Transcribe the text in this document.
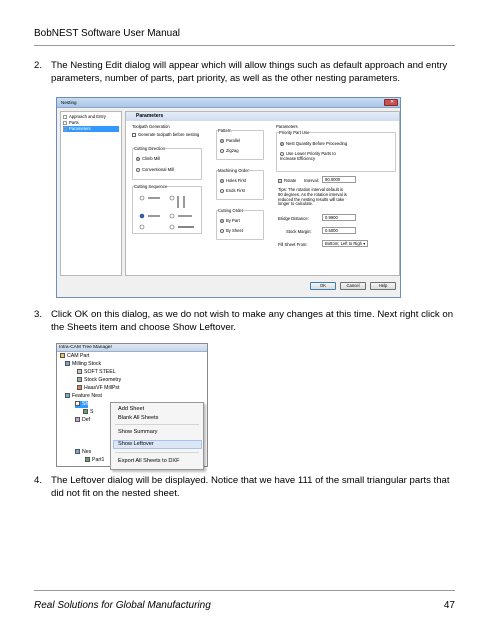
BobNEST Software User Manual
2. The Nesting Edit dialog will appear which will allow things such as default approach and entry parameters, number of parts, part priority, as well as the other nesting parameters.
Nesting	✕
Approach and Entry
Parts
Parameters
Parameters
Toolpath Generation
Generate toolpath before nesting
Cutting Direction
Climb Mill
Conventional Mill
Cutting Sequence
Pattern
Parallel
Zigzag
Machining Order
Holes First
Ends First
Cutting Order
By Part
By Sheet
Parameters
Priority Part Use
Nest Quantity Before Proceeding
Use Lower Priority Parts to Increase Efficiency
Rotate Interval:	90.0000
Tips: The rotation interval default is 90 degrees. As the rotation interval is reduced the nesting results will take longer to calculate.
Bridge Distance:	0.9900
Stock Margin:	0.5000
Fill Sheet From:	Bottom; Left to Righ ▾
OK	Cancel	Help
3. Click OK on this dialog, as we do not wish to make any changes at this time. Next right click on the Sheets item and choose Show Leftover.
Intra-CAM Tree Manager
CAM Part
Milling Stock
SOFT STEEL
Stock Geometry
HaasVF MillPst
Feature Nest
Sh
S
Def
Nes
Part1
Add Sheet
Blank All Sheets
Show Summary
Show Leftover
Export All Sheets to DXF
4. The Leftover dialog will be displayed. Notice that we have 111 of the small triangular parts that did not fit on the nested sheet.
Real Solutions for Global Manufacturing	47
